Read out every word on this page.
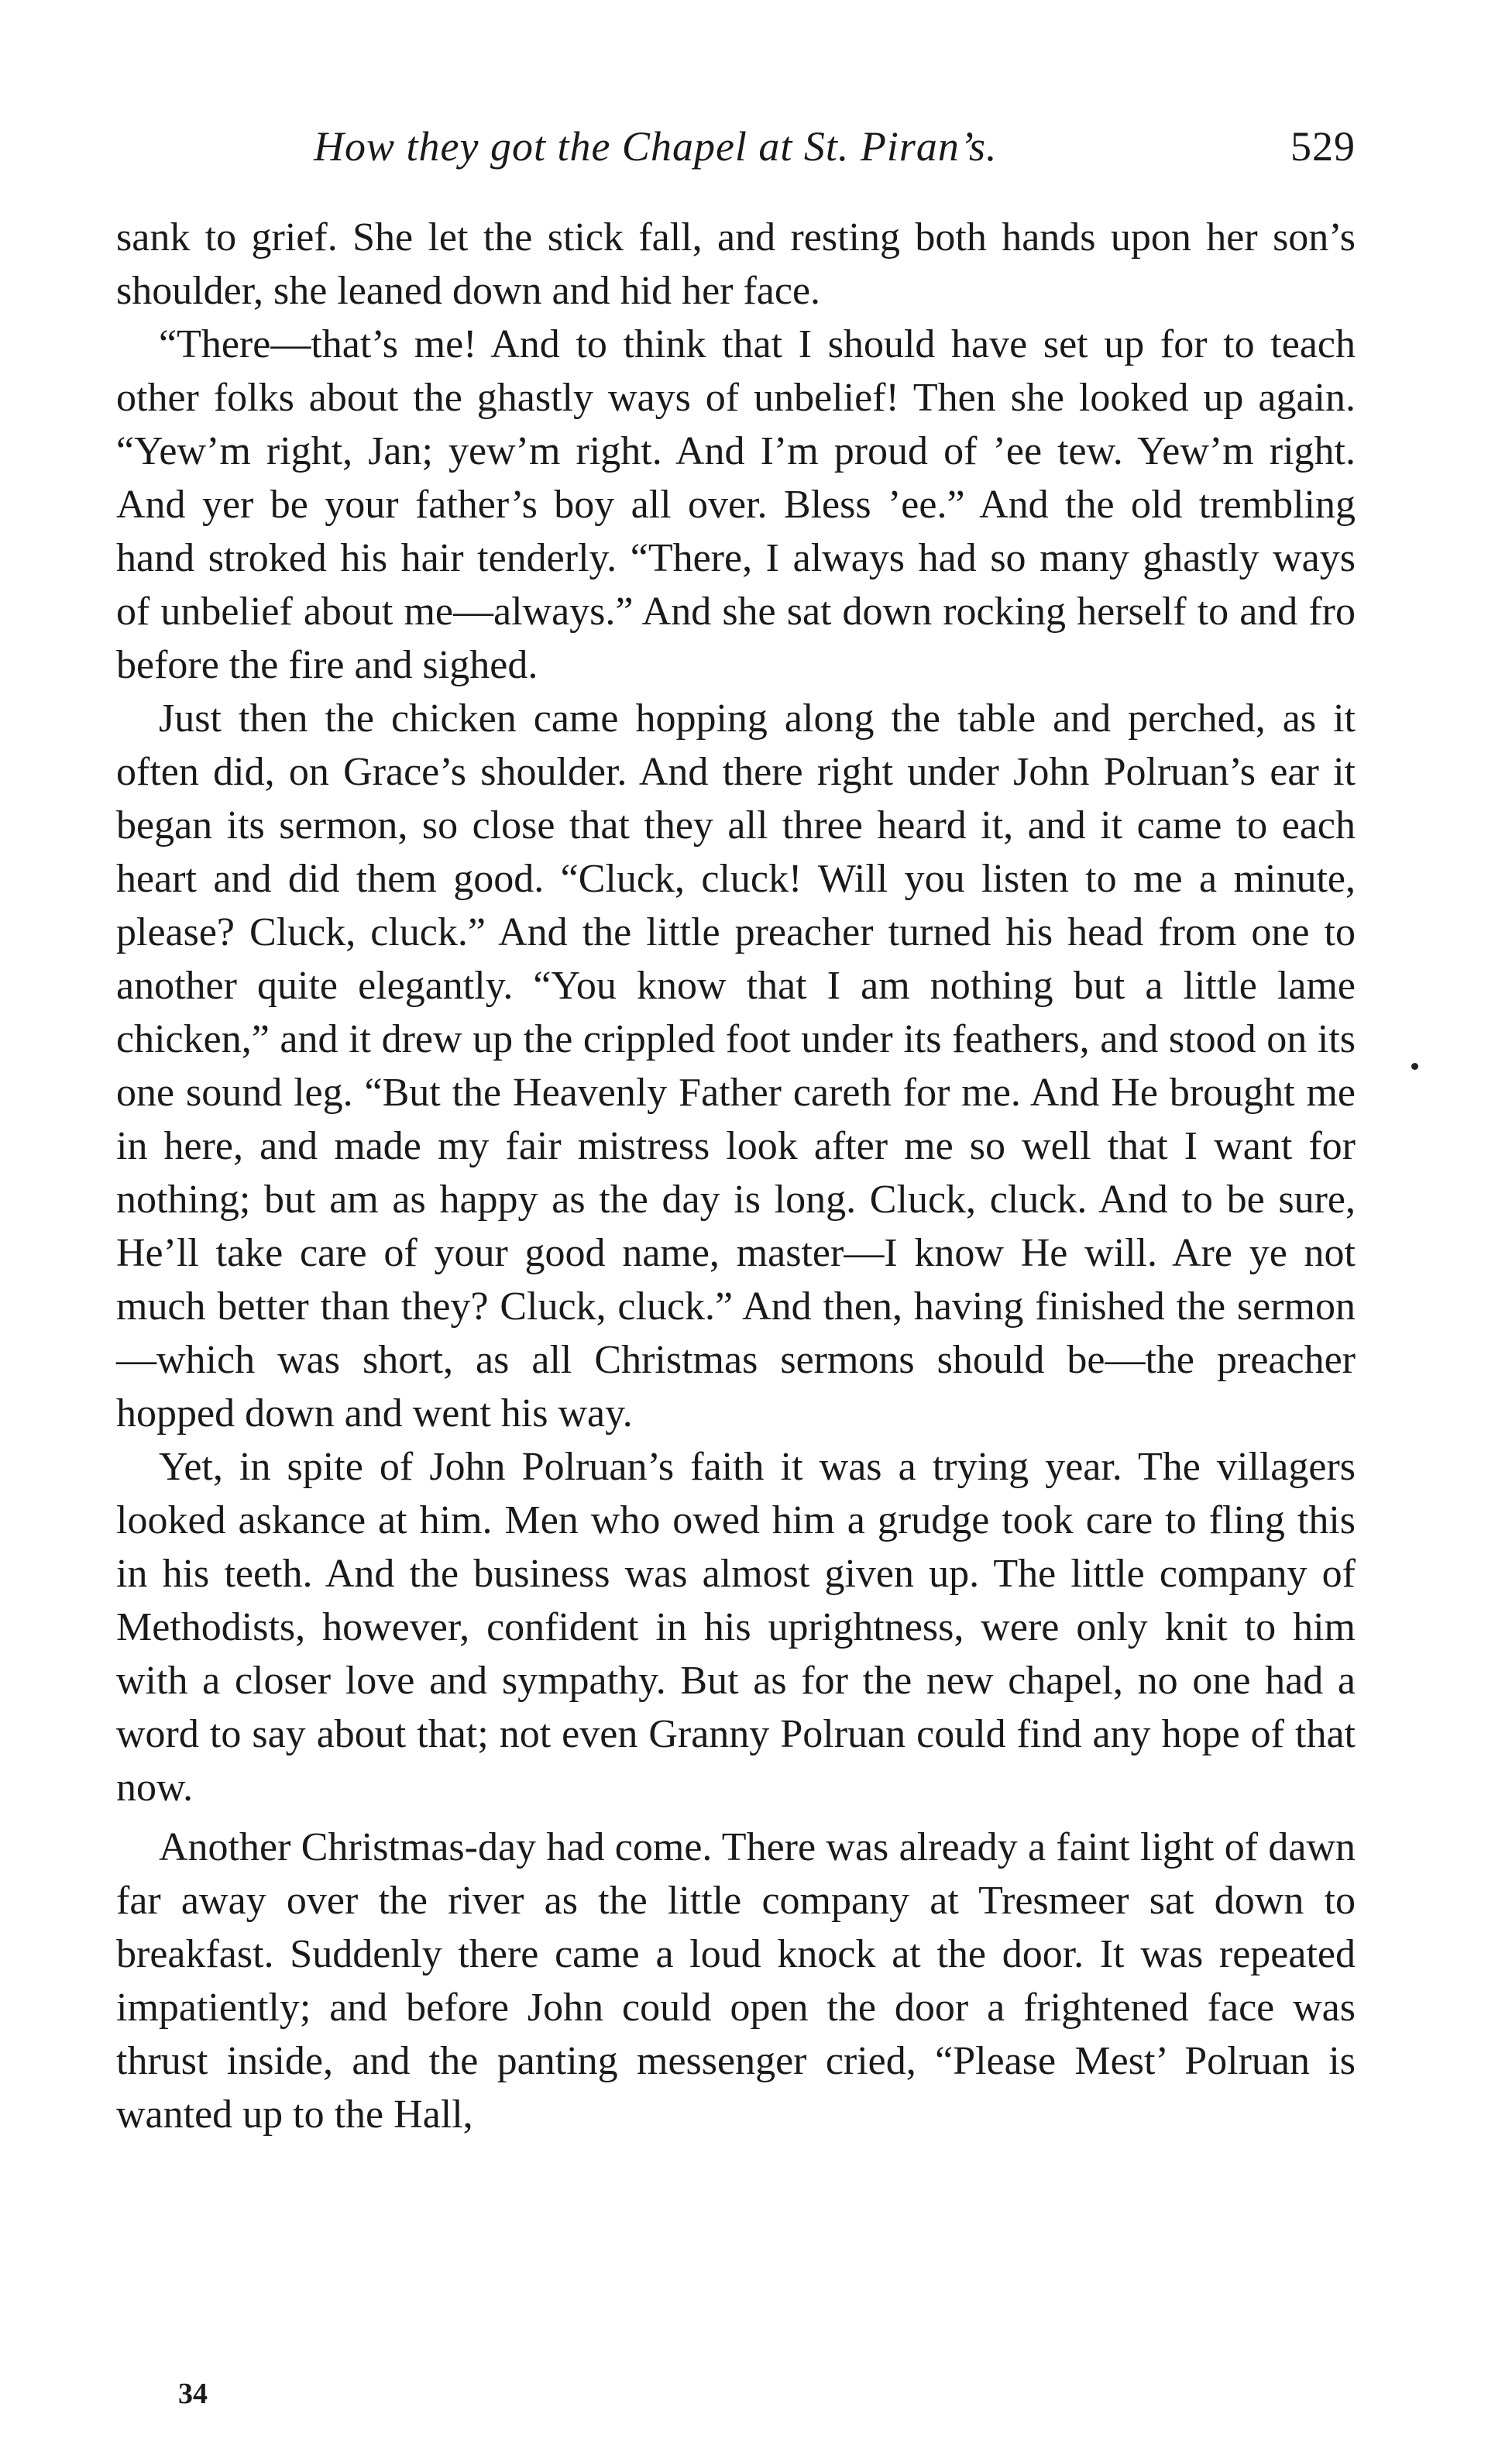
How they got the Chapel at St. Piran’s.	529

sank to grief. She let the stick fall, and resting both hands upon her son’s shoulder, she leaned down and hid her face.

“There—that’s me! And to think that I should have set up for to teach other folks about the ghastly ways of unbelief! Then she looked up again. “Yew’m right, Jan; yew’m right. And I’m proud of ’ee tew. Yew’m right. And yer be your father’s boy all over. Bless ’ee.” And the old trembling hand stroked his hair tenderly. “There, I always had so many ghastly ways of unbelief about me—always.” And she sat down rocking herself to and fro before the fire and sighed.

Just then the chicken came hopping along the table and perched, as it often did, on Grace’s shoulder. And there right under John Polruan’s ear it began its sermon, so close that they all three heard it, and it came to each heart and did them good. “Cluck, cluck! Will you listen to me a minute, please? Cluck, cluck.” And the little preacher turned his head from one to another quite elegantly. “You know that I am nothing but a little lame chicken,” and it drew up the crippled foot under its feathers, and stood on its one sound leg. “But the Heavenly Father careth for me. And He brought me in here, and made my fair mistress look after me so well that I want for nothing; but am as happy as the day is long. Cluck, cluck. And to be sure, He’ll take care of your good name, master—I know He will. Are ye not much better than they? Cluck, cluck.” And then, having finished the sermon—which was short, as all Christmas sermons should be—the preacher hopped down and went his way.

Yet, in spite of John Polruan’s faith it was a trying year. The villagers looked askance at him. Men who owed him a grudge took care to fling this in his teeth. And the business was almost given up. The little company of Methodists, however, confident in his uprightness, were only knit to him with a closer love and sympathy. But as for the new chapel, no one had a word to say about that; not even Granny Polruan could find any hope of that now.

Another Christmas-day had come. There was already a faint light of dawn far away over the river as the little company at Tresmeer sat down to breakfast. Suddenly there came a loud knock at the door. It was repeated impatiently; and before John could open the door a frightened face was thrust inside, and the panting messenger cried, “Please Mest’ Polruan is wanted up to the Hall,

34
